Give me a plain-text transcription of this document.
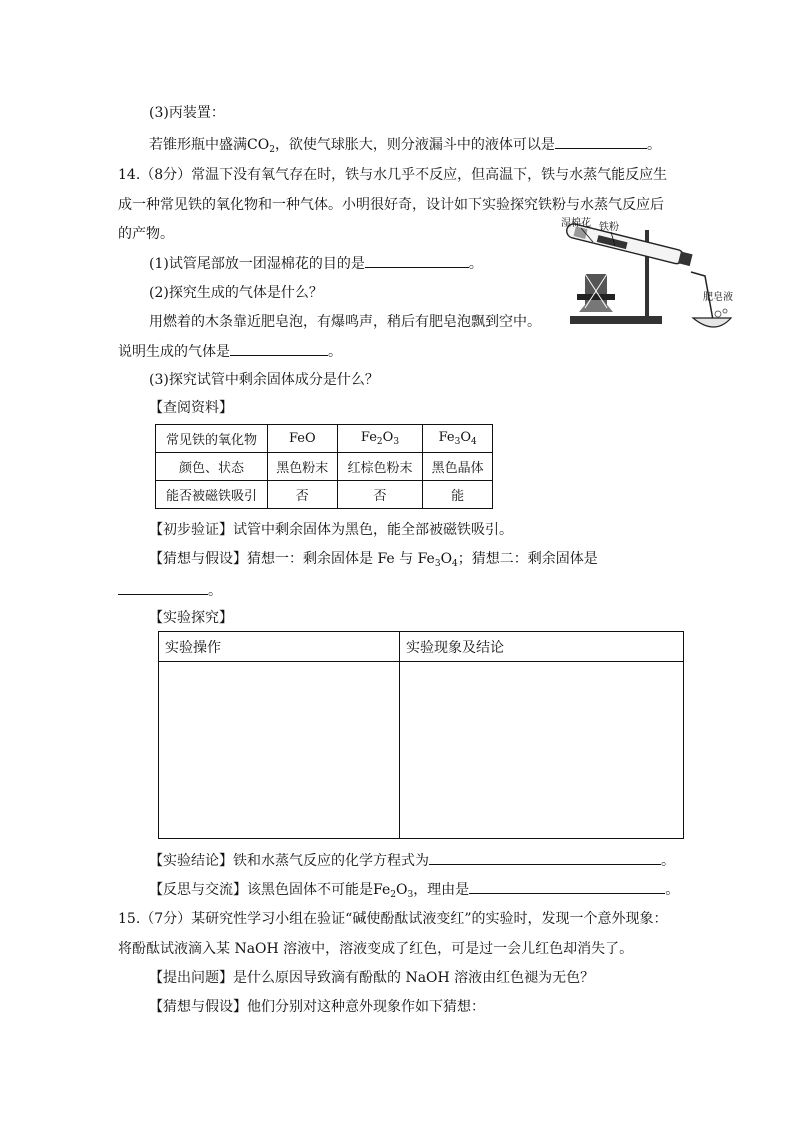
(3)丙装置：
若锥形瓶中盛满$CO_2$，欲使气球胀大，则分液漏斗中的液体可以是	。
14.（8分）常温下没有氧气存在时，铁与水几乎不反应，但高温下，铁与水蒸气能反应生
成一种常见铁的氧化物和一种气体。小明很好奇，设计如下实验探究铁粉与水蒸气反应后
的产物。
湿棉花 铁粉
肥皂液
(1)试管尾部放一团湿棉花的目的是	。
(2)探究生成的气体是什么？
用燃着的木条靠近肥皂泡，有爆鸣声，稍后有肥皂泡飘到空中。
说明生成的气体是	。
(3)探究试管中剩余固体成分是什么？
【查阅资料】
常见铁的氧化物	FeO	$Fe_2O_3$	$Fe_3O_4$
颜色、状态	黑色粉末	红棕色粉末	黑色晶体
能否被磁铁吸引	否	否	能
【初步验证】试管中剩余固体为黑色，能全部被磁铁吸引。
【猜想与假设】猜想一：剩余固体是 Fe 与 $Fe_3O_4$；猜想二：剩余固体是
。
【实验探究】
实验操作	实验现象及结论

【实验结论】铁和水蒸气反应的化学方程式为	。
【反思与交流】该黑色固体不可能是$Fe_2O_3$，理由是	。
15.（7分）某研究性学习小组在验证“碱使酚酞试液变红”的实验时，发现一个意外现象：
将酚酞试液滴入某 NaOH 溶液中，溶液变成了红色，可是过一会儿红色却消失了。
【提出问题】是什么原因导致滴有酚酞的 NaOH 溶液由红色褪为无色？
【猜想与假设】他们分别对这种意外现象作如下猜想：
